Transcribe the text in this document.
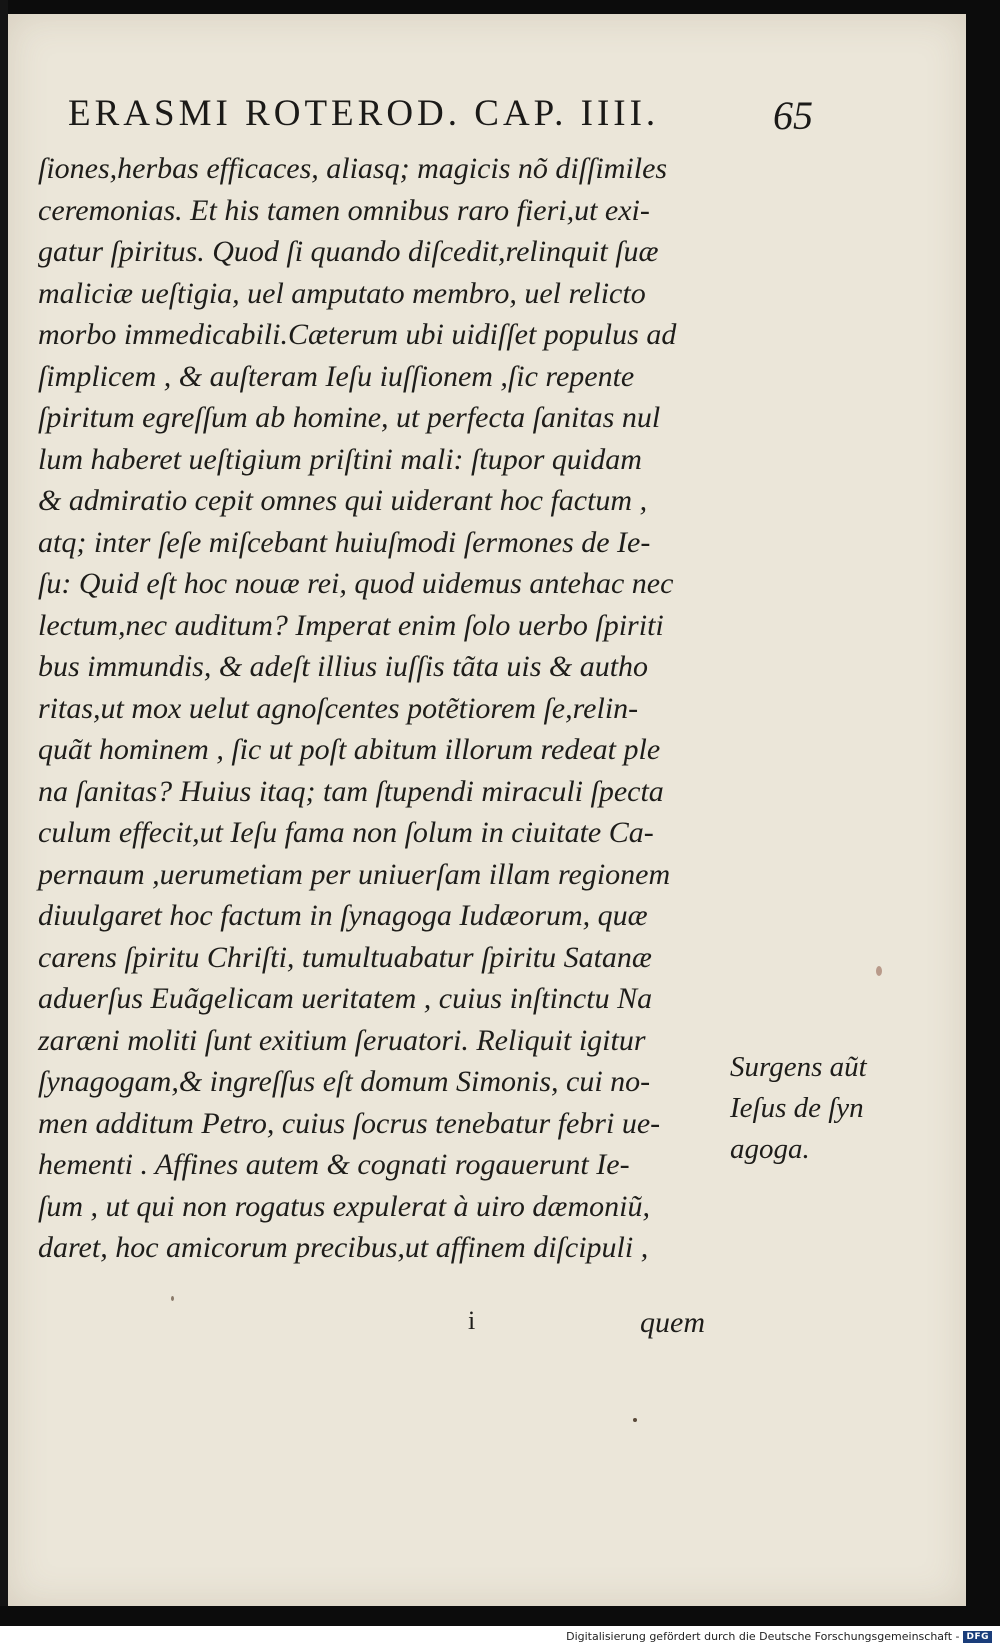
ERASMI ROTEROD. CAP. IIII.	65
ſiones,herbas efficaces, aliasq; magicis nõ diſſimiles
ceremonias. Et his tamen omnibus raro fieri,ut exi-
gatur ſpiritus. Quod ſi quando diſcedit,relinquit ſuæ
maliciæ ueſtigia, uel amputato membro, uel relicto
morbo immedicabili.Cæterum ubi uidiſſet populus ad
ſimplicem , & auſteram Ieſu iuſſionem ,ſic repente
ſpiritum egreſſum ab homine, ut perfecta ſanitas nul
lum haberet ueſtigium priſtini mali: ſtupor quidam
& admiratio cepit omnes qui uiderant hoc factum ,
atq; inter ſeſe miſcebant huiuſmodi ſermones de Ie-
ſu: Quid eſt hoc nouæ rei, quod uidemus antehac nec
lectum,nec auditum? Imperat enim ſolo uerbo ſpiriti
bus immundis, & adeſt illius iuſſis tãta uis & autho
ritas,ut mox uelut agnoſcentes potẽtiorem ſe,relin-
quãt hominem , ſic ut poſt abitum illorum redeat ple
na ſanitas? Huius itaq; tam ſtupendi miraculi ſpecta
culum effecit,ut Ieſu fama non ſolum in ciuitate Ca-
pernaum ,uerumetiam per uniuerſam illam regionem
diuulgaret hoc factum in ſynagoga Iudæorum, quæ
carens ſpiritu Chriſti, tumultuabatur ſpiritu Satanæ
aduerſus Euãgelicam ueritatem , cuius inſtinctu Na
zaræni moliti ſunt exitium ſeruatori. Reliquit igitur
ſynagogam,& ingreſſus eſt domum Simonis, cui no-
men additum Petro, cuius ſocrus tenebatur febri ue-
hementi . Affines autem & cognati rogauerunt Ie-
ſum , ut qui non rogatus expulerat à uiro dæmoniũ,
daret, hoc amicorum precibus,ut affinem diſcipuli ,
i	quem
Surgens aũt
Ieſus de ſyn
agoga.
Digitalisierung gefördert durch die Deutsche Forschungsgemeinschaft - DFG
